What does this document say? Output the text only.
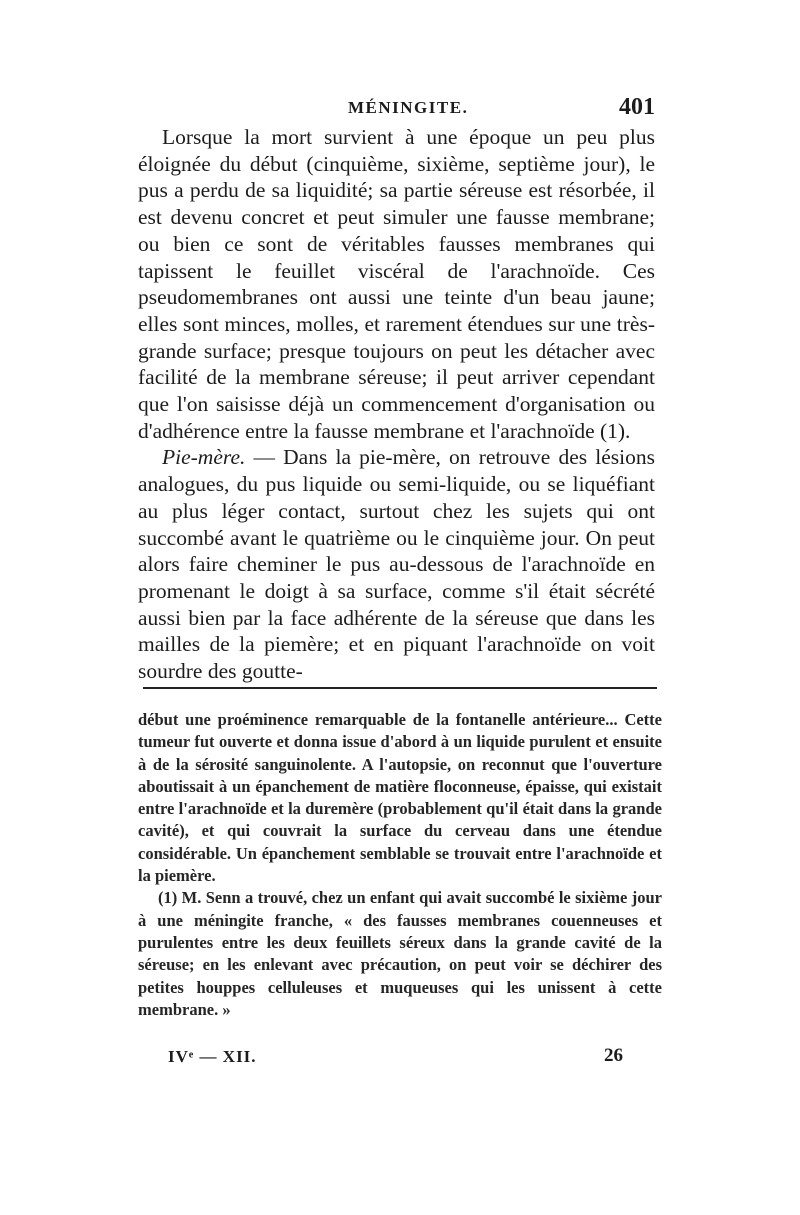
MÉNINGITE.	401

Lorsque la mort survient à une époque un peu plus éloignée du début (cinquième, sixième, septième jour), le pus a perdu de sa liquidité; sa partie séreuse est résorbée, il est devenu concret et peut simuler une fausse membrane; ou bien ce sont de véritables fausses membranes qui tapissent le feuillet viscéral de l'arachnoïde. Ces pseudomembranes ont aussi une teinte d'un beau jaune; elles sont minces, molles, et rarement étendues sur une très-grande surface; presque toujours on peut les détacher avec facilité de la membrane séreuse; il peut arriver cependant que l'on saisisse déjà un commencement d'organisation ou d'adhérence entre la fausse membrane et l'arachnoïde (1).

Pie-mère. — Dans la pie-mère, on retrouve des lésions analogues, du pus liquide ou semi-liquide, ou se liquéfiant au plus léger contact, surtout chez les sujets qui ont succombé avant le quatrième ou le cinquième jour. On peut alors faire cheminer le pus au-dessous de l'arachnoïde en promenant le doigt à sa surface, comme s'il était sécrété aussi bien par la face adhérente de la séreuse que dans les mailles de la piemère; et en piquant l'arachnoïde on voit sourdre des goutte-

début une proéminence remarquable de la fontanelle antérieure... Cette tumeur fut ouverte et donna issue d'abord à un liquide purulent et ensuite à de la sérosité sanguinolente. A l'autopsie, on reconnut que l'ouverture aboutissait à un épanchement de matière floconneuse, épaisse, qui existait entre l'arachnoïde et la duremère (probablement qu'il était dans la grande cavité), et qui couvrait la surface du cerveau dans une étendue considérable. Un épanchement semblable se trouvait entre l'arachnoïde et la piemère.

(1) M. Senn a trouvé, chez un enfant qui avait succombé le sixième jour à une méningite franche, « des fausses membranes couenneuses et purulentes entre les deux feuillets séreux dans la grande cavité de la séreuse; en les enlevant avec précaution, on peut voir se déchirer des petites houppes celluleuses et muqueuses qui les unissent à cette membrane. »

IVᵉ — XII.	26
